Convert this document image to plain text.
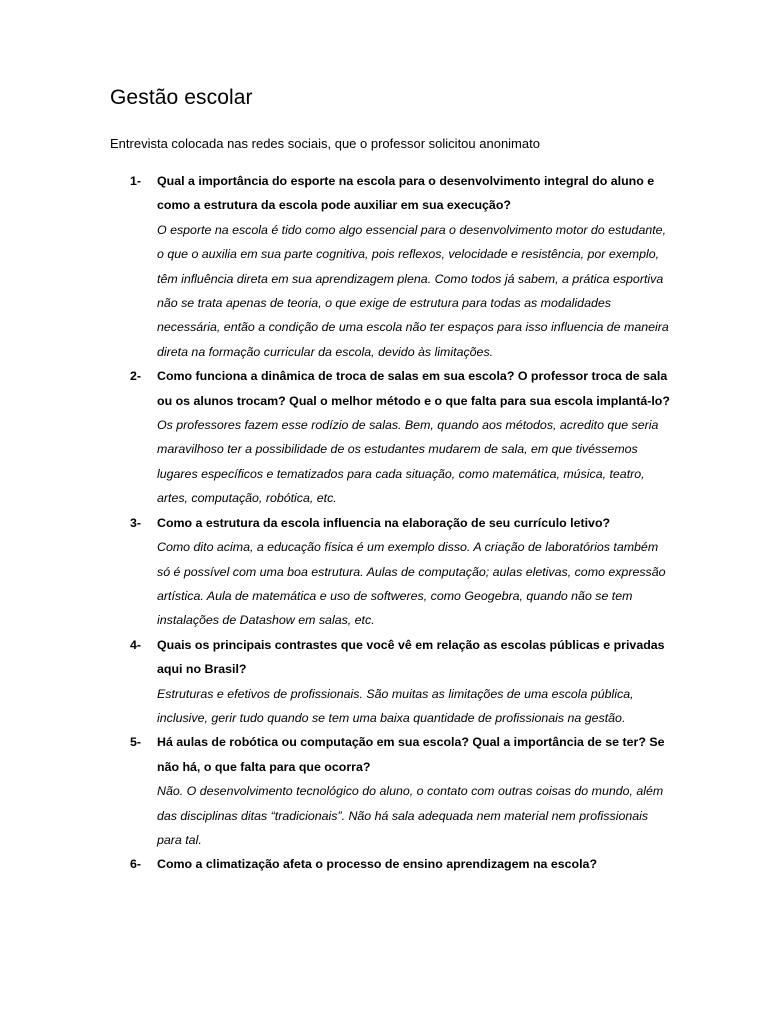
Gestão escolar

Entrevista colocada nas redes sociais, que o professor solicitou anonimato

1- Qual a importância do esporte na escola para o desenvolvimento integral do aluno e como a estrutura da escola pode auxiliar em sua execução?

O esporte na escola é tido como algo essencial para o desenvolvimento motor do estudante, o que o auxilia em sua parte cognitiva, pois reflexos, velocidade e resistência, por exemplo, têm influência direta em sua aprendizagem plena. Como todos já sabem, a prática esportiva não se trata apenas de teoria, o que exige de estrutura para todas as modalidades necessária, então a condição de uma escola não ter espaços para isso influencia de maneira direta na formação curricular da escola, devido às limitações.

2- Como funciona a dinâmica de troca de salas em sua escola? O professor troca de sala ou os alunos trocam? Qual o melhor método e o que falta para sua escola implantá-lo?

Os professores fazem esse rodízio de salas. Bem, quando aos métodos, acredito que seria maravilhoso ter a possibilidade de os estudantes mudarem de sala, em que tivéssemos lugares específicos e tematizados para cada situação, como matemática, música, teatro, artes, computação, robótica, etc.

3- Como a estrutura da escola influencia na elaboração de seu currículo letivo?

Como dito acima, a educação física é um exemplo disso. A criação de laboratórios também só é possível com uma boa estrutura. Aulas de computação; aulas eletivas, como expressão artística. Aula de matemática e uso de softweres, como Geogebra, quando não se tem instalações de Datashow em salas, etc.

4- Quais os principais contrastes que você vê em relação as escolas públicas e privadas aqui no Brasil?

Estruturas e efetivos de profissionais. São muitas as limitações de uma escola pública, inclusive, gerir tudo quando se tem uma baixa quantidade de profissionais na gestão.

5- Há aulas de robótica ou computação em sua escola? Qual a importância de se ter? Se não há, o que falta para que ocorra?

Não. O desenvolvimento tecnológico do aluno, o contato com outras coisas do mundo, além das disciplinas ditas “tradicionais”. Não há sala adequada nem material nem profissionais para tal.

6- Como a climatização afeta o processo de ensino aprendizagem na escola?
